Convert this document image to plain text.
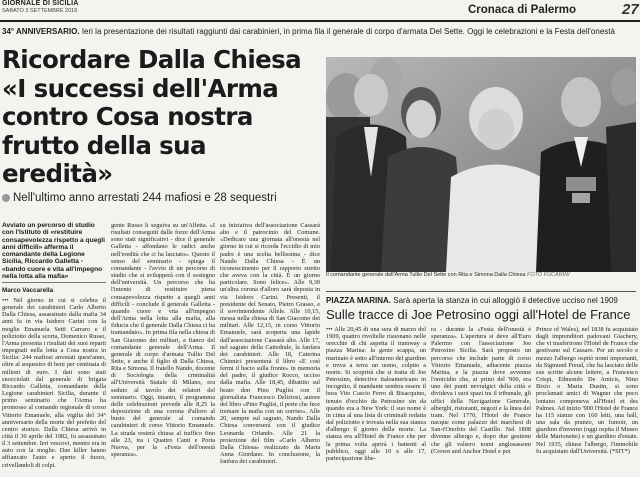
GIORNALE DI SICILIA
SABATO 3 SETTEMBRE 2016	Cronaca di Palermo	27
34° ANNIVERSARIO. Ieri la presentazione dei risultati raggiunti dai carabinieri, in prima fila il generale di corpo d'armata Del Sette. Oggi le celebrazioni e la Festa dell'onestà
Ricordare Dalla Chiesa
«I successi dell'Arma
contro Cosa nostra
frutto della sua eredità»
Nell'ultimo anno arrestati 244 mafiosi e 28 sequestri
Il comandante generale dell'Arma Tullio Del Sette con Rita e Simona Dalla Chiesa FOTO FUCARINI
Avviato un percorso di studio con l'Istituto di «restituire consapevolezza rispetto a quegli anni difficili» afferma il comandante della Legione Sicilia, Riccardo Galletta - «bando cuore e vita all'impegno nella lotta alla mafia»
Marco Vaccarella
••• Nel giorno in cui si celebra il generale dei carabinieri Carlo Alberto Dalla Chiesa, assassinato dalla mafia 34 anni fa in via Isidoro Carini con la moglie Emanuela Setti Carraro e il poliziotto della scorta, Domenico Russo, l'Arma presenta i risultati dei suoi reparti impegnati nella lotta a Cosa nostra in Sicilia: 244 mafiosi arrestati quest'anno, oltre al sequestro di beni per centinaia di milioni di euro. I dati sono stati snocciolati dal generale di brigata Riccardo Galletta, comandante della Legione carabinieri Sicilia, durante il primo seminario che l'Arma ha promosso al comando regionale di corso Vittorio Emanuele, alla vigilia del 34° anniversario della morte del prefetto del centro storico. Dalla Chiesa arrivò in città il 30 aprile del 1982, fu assassinato il 3 settembre. Ieri vescovi, mentre era in auto con la moglie. Due killer hanno affiancato l'auto e aperto il fuoco, crivellandoli di colpi.
gente Russo li seguiva su un'Alfetta. «I risultati conseguiti dalle forze dell'Arma sono stati significativi - dice il generale Galletta - affondano le radici anche nell'eredità che ci ha lasciato». Questo il senso del seminario - spiega il comandante - l'avvio di un percorso di studio che si svilupperà con il sostegno dell'università. Un percorso che ha l'intento di restituire piena consapevolezza rispetto a quegli anni difficili - conclude il generale Galletta - quando cuore e vita all'impegno dell'Arma nella lotta alla mafia, alla fiducia che il generale Dalla Chiesa ci ha tramandato». In prima fila nella chiesa di San Giacomo dei militari, a fianco del comandante generale dell'Arma. Il generale di corpo d'armata Tullio Del Sette, e anche il figlio di Dalla Chiesa, Rita e Simona. Il fratello Nando, docente di Sociologia della criminalità all'Università Statale di Milano, era seduto al tavolo dei relatori del seminario. Oggi, intanto, il programma delle celebrazioni prevede alle 8,25 la deposizione di una corona d'alloro al busto del generale al comando carabinieri di corso Vittorio Emanuele. La strada resterà chiusa al traffico fino alle 23, tra i Quattro Canti e Porta Nuova, per la «Festa dell'onestà speranza».
su iniziativa dell'associazione Cassarà alto e il patrocinio del Comune. «Dedicare una giornata all'onestà nel giorno in cui si ricorda l'eccidio di mio padre è una scelta bellissima - dice Nando Dalla Chiesa - È un riconoscimento per il rapporto stretto che aveva con la città. È un giorno particolare. Sono felice». Alle 9,30 un'altra corona d'alloro sarà deposta in via Isidoro Carini. Presenti, il presidente del Senato, Pietro Grasso, e il sovrintendente Allele. Alle 10,15, messa nella chiesa di San Giacomo dei militari. Alle 12,15, in corso Vittorio Emanuele, sarà scoperta una lapide dall'associazione Cassarà alto. Alle 17, nel sagrato della Cattedrale, la fanfara dei carabinieri. Alle 18, Caterina Chinnici presenterà il libro «E così fermi il bacio sulla fronte» in memoria del padre, il giudice Rocco, ucciso dalla mafia. Alle 18,45, dibattito sul beato don Pino Puglisi con il giornalista Francesco Deliziosi, autore del libro «Pino Puglisi, il prete che fece tremare la mafia con un sorriso». Alle 20, sempre sul sagrato, Nando Dalla Chiesa converserà con il giudice Leonarda Orlando. Alle 21 la proiezione del film «Carlo Alberto Dalla Chiesa» realizzato da Maria Anna Giordano. In conclusione, la fanfara dei carabinieri.
PIAZZA MARINA. Sarà aperta la stanza in cui alloggiò il detective ucciso nel 1909
Sulle tracce di Joe Petrosino oggi all'Hotel de France
••• Alle 20,45 di una sera di marzo del 1909, quattro rivoltelle risuonano nelle orecchie di chi aspetta il tramway a piazza Marina: la gente scappa, un marinaio è sotto all'interno del giardino e trova a terra un uomo, colpito a morte. Si scoprirà che si tratta di Joe Petrosino, detective italoamericano in incognito, il mandante sembra essere il boss Vito Cascio Ferro di Bisacquino, tenuto d'occhio da Petrosino sin da quando era a New York: il suo nome è in cima al una lista di criminali redatta dal poliziotto e trovata nella sua stanza d'albergo il giorno della morte. La stanza era all'Hotel de France che per la prima volta aprirà i battenti al pubblico, oggi alle 10 e alle 17, partecipazione libe-
ra - durante la «Festa dell'onestà è speranza». L'apertura si deve all'Euro Palermo con l'associazione Joe Petrosino Sicilia. Sarà proposto un percorso che include parte di corso Vittorio Emanuele, adiacente piazza Marina, e la piazza dove avvenne l'omicidio che, ai primi del '900, era uno dei punti nevralgici della città e divideva i suoi spazi tra il tribunale, gli uffici della Navigazione Generale, alberghi, ristoranti, negozi e la linea del tram. Nel 1770, l'Hotel de France nacque come palazzo dei marchesi di San-t'Onofrio del Castillo. Nel 1808 divenne albergo e, dopo due gestioni che gli valsero nomi anglosassoni (Crown and Anchor Hotel e poi
Prince of Wales), nel 1838 fu acquistato dagli imprenditori padovani Giachery, che vi trasferirono l'Hotel de France che gestivano sul Cassaro. Per un secolo e mezzo l'albergo ospitò nomi importanti, da Sigmund Freud, che ha lasciato delle sue scritte alcune lettere, a Francesco Crispi, Edmondo De Amicis, Nino Bixio o Maria Dustin, si sono proclamati amici di Wagner che poco lontano componeva all'Hotel et des Palmes. Ad inizio '900 l'Hotel de France ha 115 stanze con 160 letti, una hall, una sala da pranzo, un fumoir, un giardino d'inverno (oggi ospita il Museo delle Marionette) e un giardino d'estate. Nel 1935, chiuse l'albergo, l'immobile fu acquistato dall'Università. (*SIT*)
